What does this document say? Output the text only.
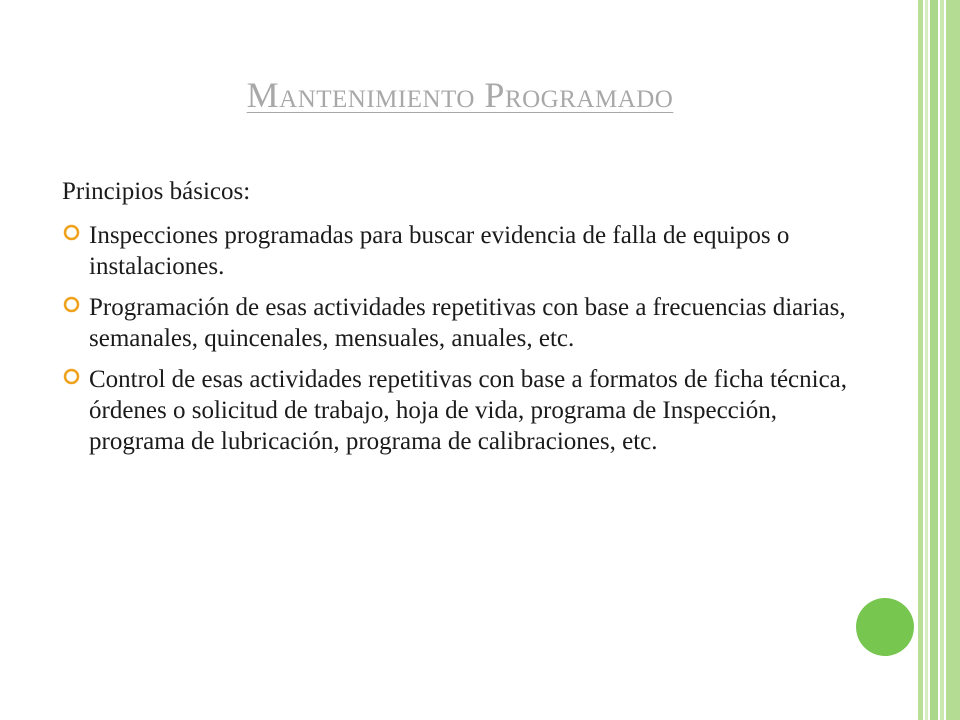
Mantenimiento Programado

Principios básicos:

Inspecciones programadas para buscar evidencia de falla de equipos o instalaciones.
Programación de esas actividades repetitivas con base a frecuencias diarias, semanales, quincenales, mensuales, anuales, etc.
Control de esas actividades repetitivas con base a formatos de ficha técnica, órdenes o solicitud de trabajo, hoja de vida, programa de Inspección, programa de lubricación, programa de calibraciones, etc.
